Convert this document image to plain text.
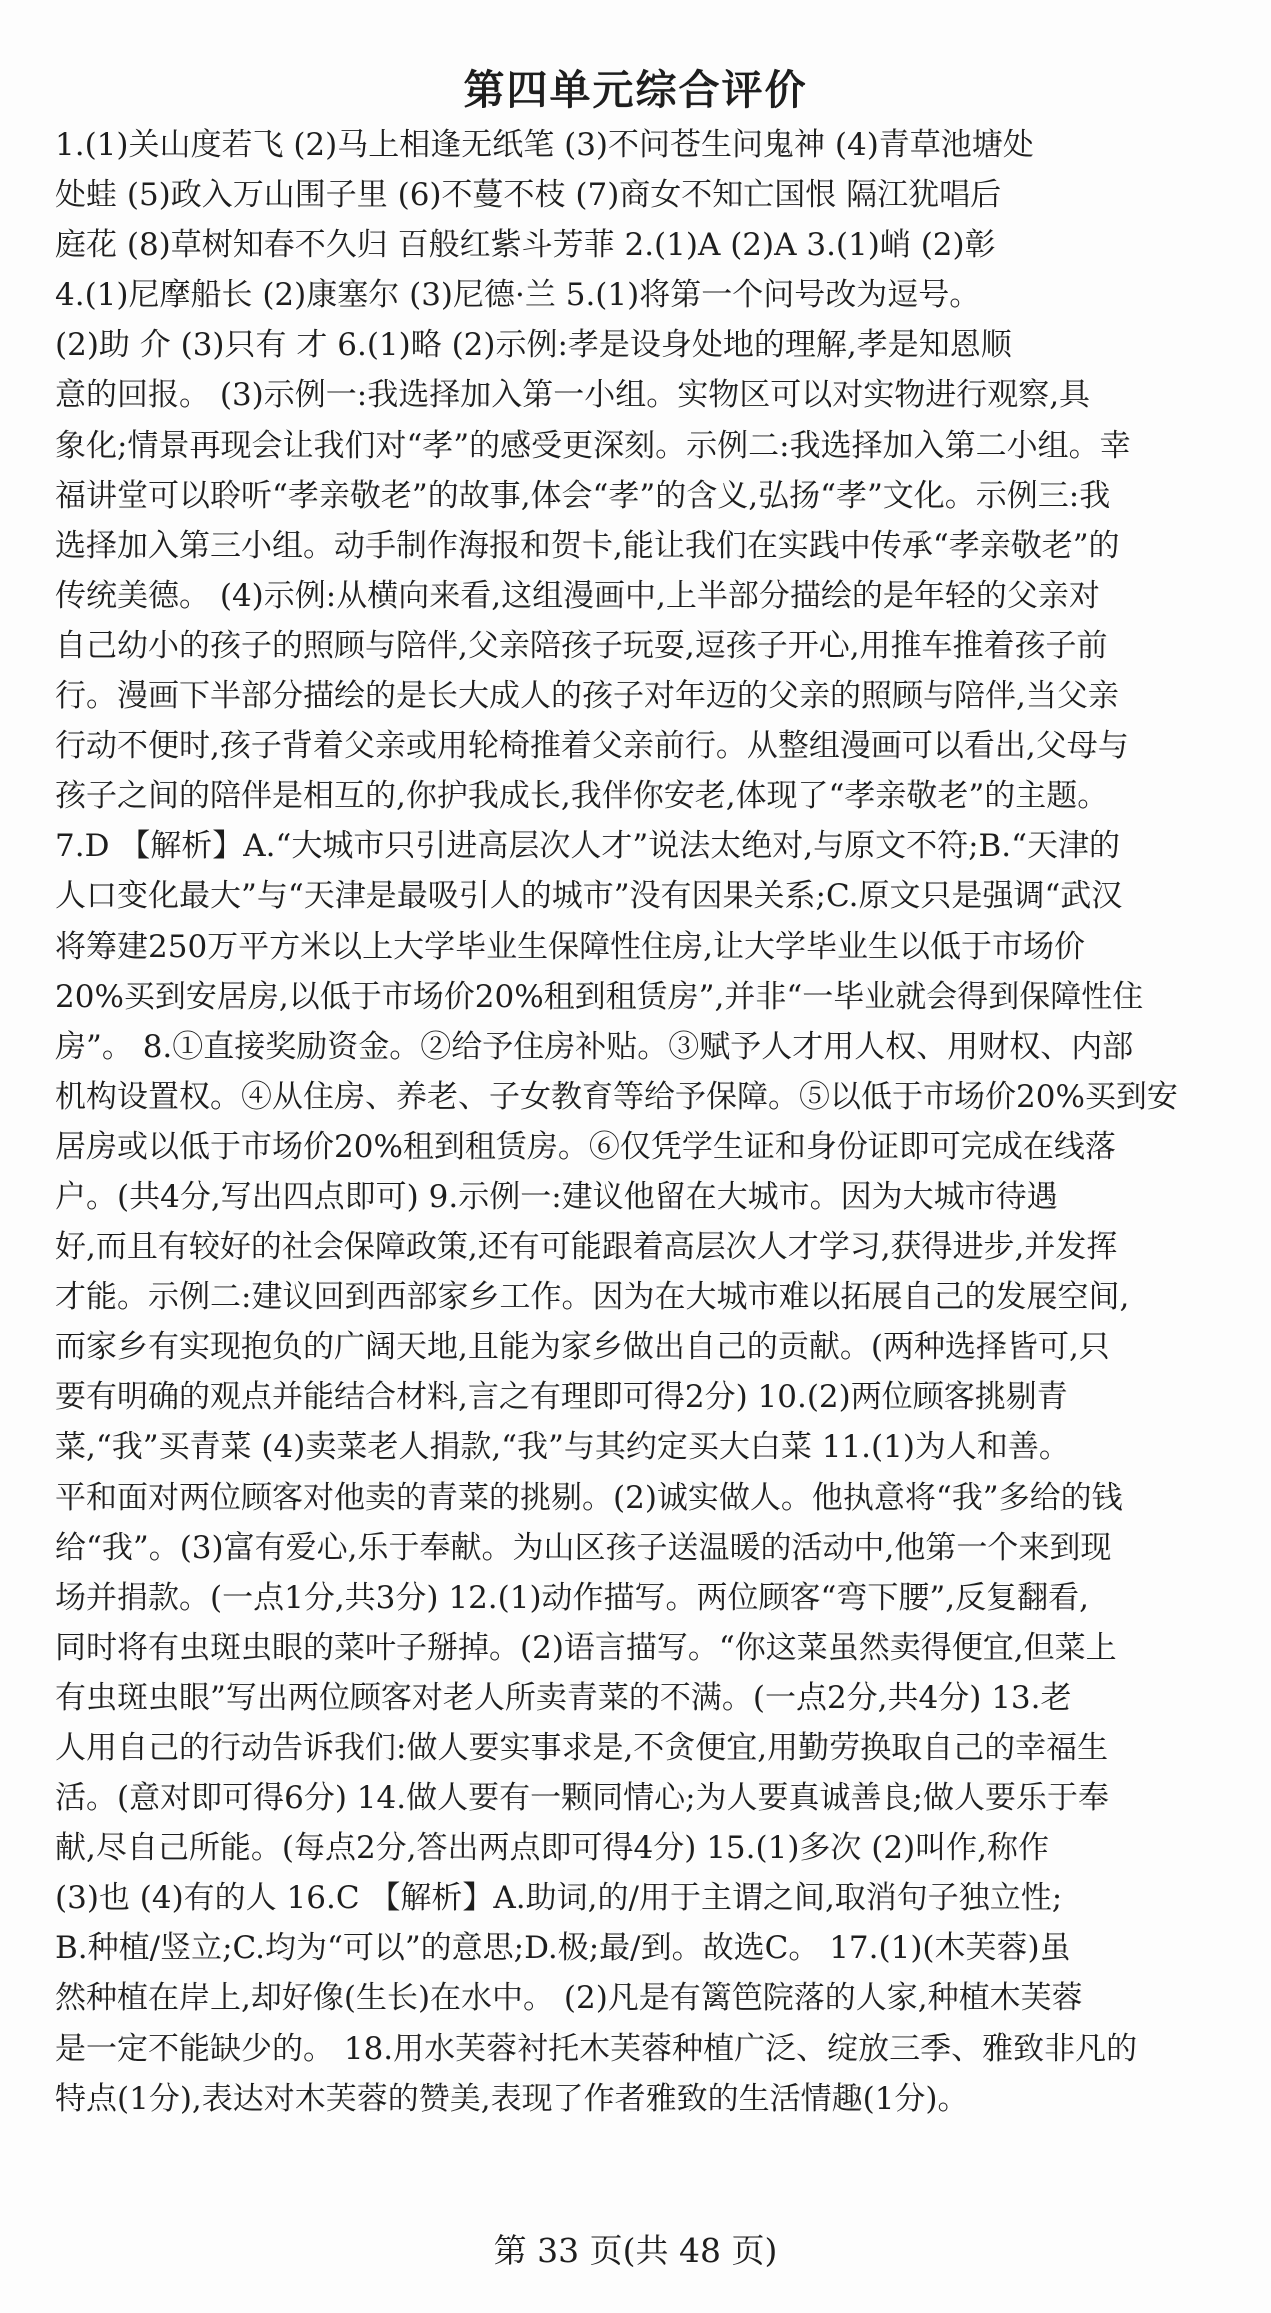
第四单元综合评价
1.(1)关山度若飞 (2)马上相逢无纸笔 (3)不问苍生问鬼神 (4)青草池塘处
处蛙 (5)政入万山围子里 (6)不蔓不枝 (7)商女不知亡国恨 隔江犹唱后
庭花 (8)草树知春不久归 百般红紫斗芳菲 2.(1)A (2)A 3.(1)峭 (2)彰
4.(1)尼摩船长 (2)康塞尔 (3)尼德·兰 5.(1)将第一个问号改为逗号。
(2)助 介 (3)只有 才 6.(1)略 (2)示例:孝是设身处地的理解,孝是知恩顺
意的回报。 (3)示例一:我选择加入第一小组。实物区可以对实物进行观察,具
象化;情景再现会让我们对“孝”的感受更深刻。示例二:我选择加入第二小组。幸
福讲堂可以聆听“孝亲敬老”的故事,体会“孝”的含义,弘扬“孝”文化。示例三:我
选择加入第三小组。动手制作海报和贺卡,能让我们在实践中传承“孝亲敬老”的
传统美德。 (4)示例:从横向来看,这组漫画中,上半部分描绘的是年轻的父亲对
自己幼小的孩子的照顾与陪伴,父亲陪孩子玩耍,逗孩子开心,用推车推着孩子前
行。漫画下半部分描绘的是长大成人的孩子对年迈的父亲的照顾与陪伴,当父亲
行动不便时,孩子背着父亲或用轮椅推着父亲前行。从整组漫画可以看出,父母与
孩子之间的陪伴是相互的,你护我成长,我伴你安老,体现了“孝亲敬老”的主题。
7.D 【解析】A.“大城市只引进高层次人才”说法太绝对,与原文不符;B.“天津的
人口变化最大”与“天津是最吸引人的城市”没有因果关系;C.原文只是强调“武汉
将筹建250万平方米以上大学毕业生保障性住房,让大学毕业生以低于市场价
20%买到安居房,以低于市场价20%租到租赁房”,并非“一毕业就会得到保障性住
房”。 8.①直接奖励资金。②给予住房补贴。③赋予人才用人权、用财权、内部
机构设置权。④从住房、养老、子女教育等给予保障。⑤以低于市场价20%买到安
居房或以低于市场价20%租到租赁房。⑥仅凭学生证和身份证即可完成在线落
户。(共4分,写出四点即可) 9.示例一:建议他留在大城市。因为大城市待遇
好,而且有较好的社会保障政策,还有可能跟着高层次人才学习,获得进步,并发挥
才能。示例二:建议回到西部家乡工作。因为在大城市难以拓展自己的发展空间,
而家乡有实现抱负的广阔天地,且能为家乡做出自己的贡献。(两种选择皆可,只
要有明确的观点并能结合材料,言之有理即可得2分) 10.(2)两位顾客挑剔青
菜,“我”买青菜 (4)卖菜老人捐款,“我”与其约定买大白菜 11.(1)为人和善。
平和面对两位顾客对他卖的青菜的挑剔。(2)诚实做人。他执意将“我”多给的钱
给“我”。(3)富有爱心,乐于奉献。为山区孩子送温暖的活动中,他第一个来到现
场并捐款。(一点1分,共3分) 12.(1)动作描写。两位顾客“弯下腰”,反复翻看,
同时将有虫斑虫眼的菜叶子掰掉。(2)语言描写。“你这菜虽然卖得便宜,但菜上
有虫斑虫眼”写出两位顾客对老人所卖青菜的不满。(一点2分,共4分) 13.老
人用自己的行动告诉我们:做人要实事求是,不贪便宜,用勤劳换取自己的幸福生
活。(意对即可得6分) 14.做人要有一颗同情心;为人要真诚善良;做人要乐于奉
献,尽自己所能。(每点2分,答出两点即可得4分) 15.(1)多次 (2)叫作,称作
(3)也 (4)有的人 16.C 【解析】A.助词,的/用于主谓之间,取消句子独立性;
B.种植/竖立;C.均为“可以”的意思;D.极;最/到。故选C。 17.(1)(木芙蓉)虽
然种植在岸上,却好像(生长)在水中。 (2)凡是有篱笆院落的人家,种植木芙蓉
是一定不能缺少的。 18.用水芙蓉衬托木芙蓉种植广泛、绽放三季、雅致非凡的
特点(1分),表达对木芙蓉的赞美,表现了作者雅致的生活情趣(1分)。
第 33 页(共 48 页)
